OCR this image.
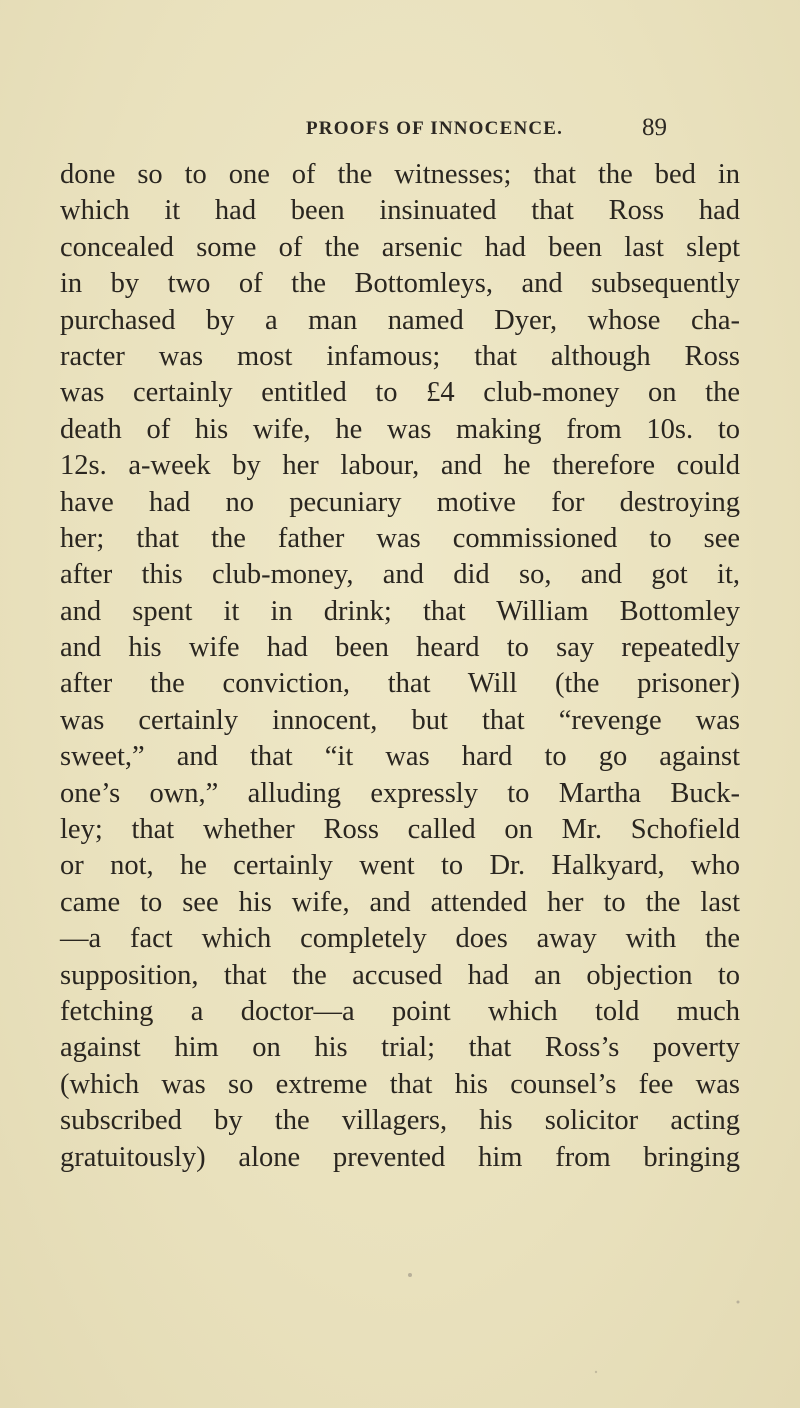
PROOFS OF INNOCENCE.	89
done so to one of the witnesses; that the bed in
which it had been insinuated that Ross had
concealed some of the arsenic had been last slept
in by two of the Bottomleys, and subsequently
purchased by a man named Dyer, whose cha-
racter was most infamous; that although Ross
was certainly entitled to £4 club-money on the
death of his wife, he was making from 10s. to
12s. a-week by her labour, and he therefore could
have had no pecuniary motive for destroying
her; that the father was commissioned to see
after this club-money, and did so, and got it,
and spent it in drink; that William Bottomley
and his wife had been heard to say repeatedly
after the conviction, that Will (the prisoner)
was certainly innocent, but that “revenge was
sweet,” and that “it was hard to go against
one’s own,” alluding expressly to Martha Buck-
ley; that whether Ross called on Mr. Schofield
or not, he certainly went to Dr. Halkyard, who
came to see his wife, and attended her to the last
—a fact which completely does away with the
supposition, that the accused had an objection to
fetching a doctor—a point which told much
against him on his trial; that Ross’s poverty
(which was so extreme that his counsel’s fee was
subscribed by the villagers, his solicitor acting
gratuitously) alone prevented him from bringing
